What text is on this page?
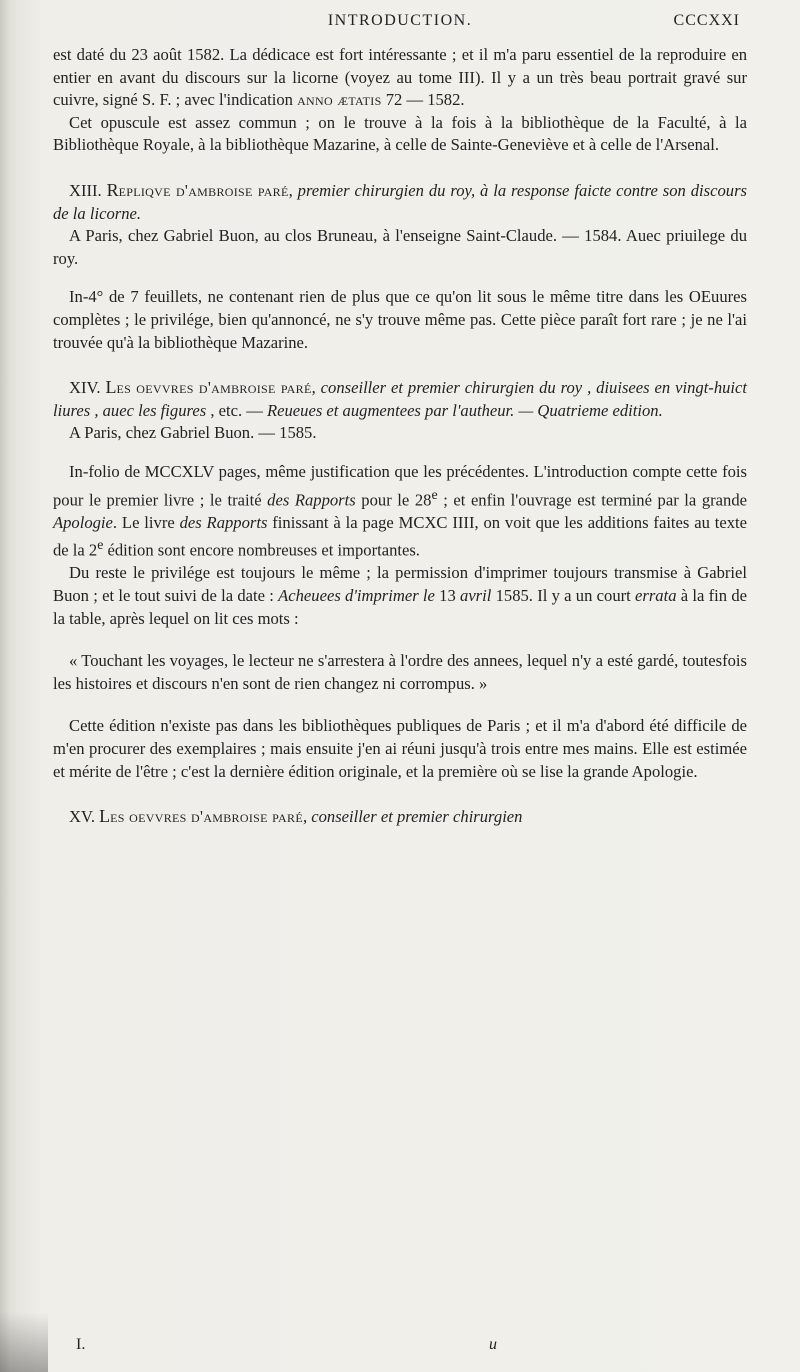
INTRODUCTION.	CCCXXI

est daté du 23 août 1582. La dédicace est fort intéressante ; et il m'a paru essentiel de la reproduire en entier en avant du discours sur la licorne (voyez au tome III). Il y a un très beau portrait gravé sur cuivre, signé S. F. ; avec l'indication anno ætatis 72 — 1582.

Cet opuscule est assez commun ; on le trouve à la fois à la bibliothèque de la Faculté, à la Bibliothèque Royale, à la bibliothèque Mazarine, à celle de Sainte-Geneviève et à celle de l'Arsenal.

XIII. Repliqve d'ambroise paré, premier chirurgien du roy, à la response faicte contre son discours de la licorne.

A Paris, chez Gabriel Buon, au clos Bruneau, à l'enseigne Saint-Claude. — 1584. Auec priuilege du roy.

In-4° de 7 feuillets, ne contenant rien de plus que ce qu'on lit sous le même titre dans les OEuures complètes ; le privilége, bien qu'annoncé, ne s'y trouve même pas. Cette pièce paraît fort rare ; je ne l'ai trouvée qu'à la bibliothèque Mazarine.

XIV. Les oevvres d'ambroise paré, conseiller et premier chirurgien du roy , diuisees en vingt-huict liures , auec les figures , etc. — Reueues et augmentees par l'autheur. — Quatrieme edition.

A Paris, chez Gabriel Buon. — 1585.

In-folio de MCCXLV pages, même justification que les précédentes. L'introduction compte cette fois pour le premier livre ; le traité des Rapports pour le 28e ; et enfin l'ouvrage est terminé par la grande Apologie. Le livre des Rapports finissant à la page MCXC IIII, on voit que les additions faites au texte de la 2e édition sont encore nombreuses et importantes.

Du reste le privilége est toujours le même ; la permission d'imprimer toujours transmise à Gabriel Buon ; et le tout suivi de la date : Acheuees d'imprimer le 13 avril 1585. Il y a un court errata à la fin de la table, après lequel on lit ces mots :

« Touchant les voyages, le lecteur ne s'arrestera à l'ordre des annees, lequel n'y a esté gardé, toutesfois les histoires et discours n'en sont de rien changez ni corrompus. »

Cette édition n'existe pas dans les bibliothèques publiques de Paris ; et il m'a d'abord été difficile de m'en procurer des exemplaires ; mais ensuite j'en ai réuni jusqu'à trois entre mes mains. Elle est estimée et mérite de l'être ; c'est la dernière édition originale, et la première où se lise la grande Apologie.

XV. Les oevvres d'ambroise paré, conseiller et premier chirurgien

I.	u
